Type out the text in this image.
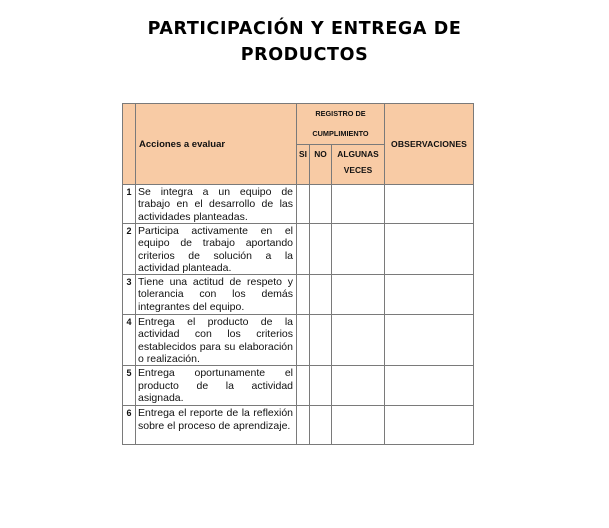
PARTICIPACIÓN Y ENTREGA DE
PRODUCTOS
	Acciones a evaluar	REGISTRO DE CUMPLIMIENTO			OBSERVACIONES
		SI	NO	ALGUNAS VECES	
1	Se integra a un equipo de trabajo en el desarrollo de las actividades planteadas.				
2	Participa activamente en el equipo de trabajo aportando criterios de solución a la actividad planteada.				
3	Tiene una actitud de respeto y tolerancia con los demás integrantes del equipo.				
4	Entrega el producto de la actividad con los criterios establecidos para su elaboración o realización.				
5	Entrega oportunamente el producto de la actividad asignada.				
6	Entrega el reporte de la reflexión sobre el proceso de aprendizaje.				
